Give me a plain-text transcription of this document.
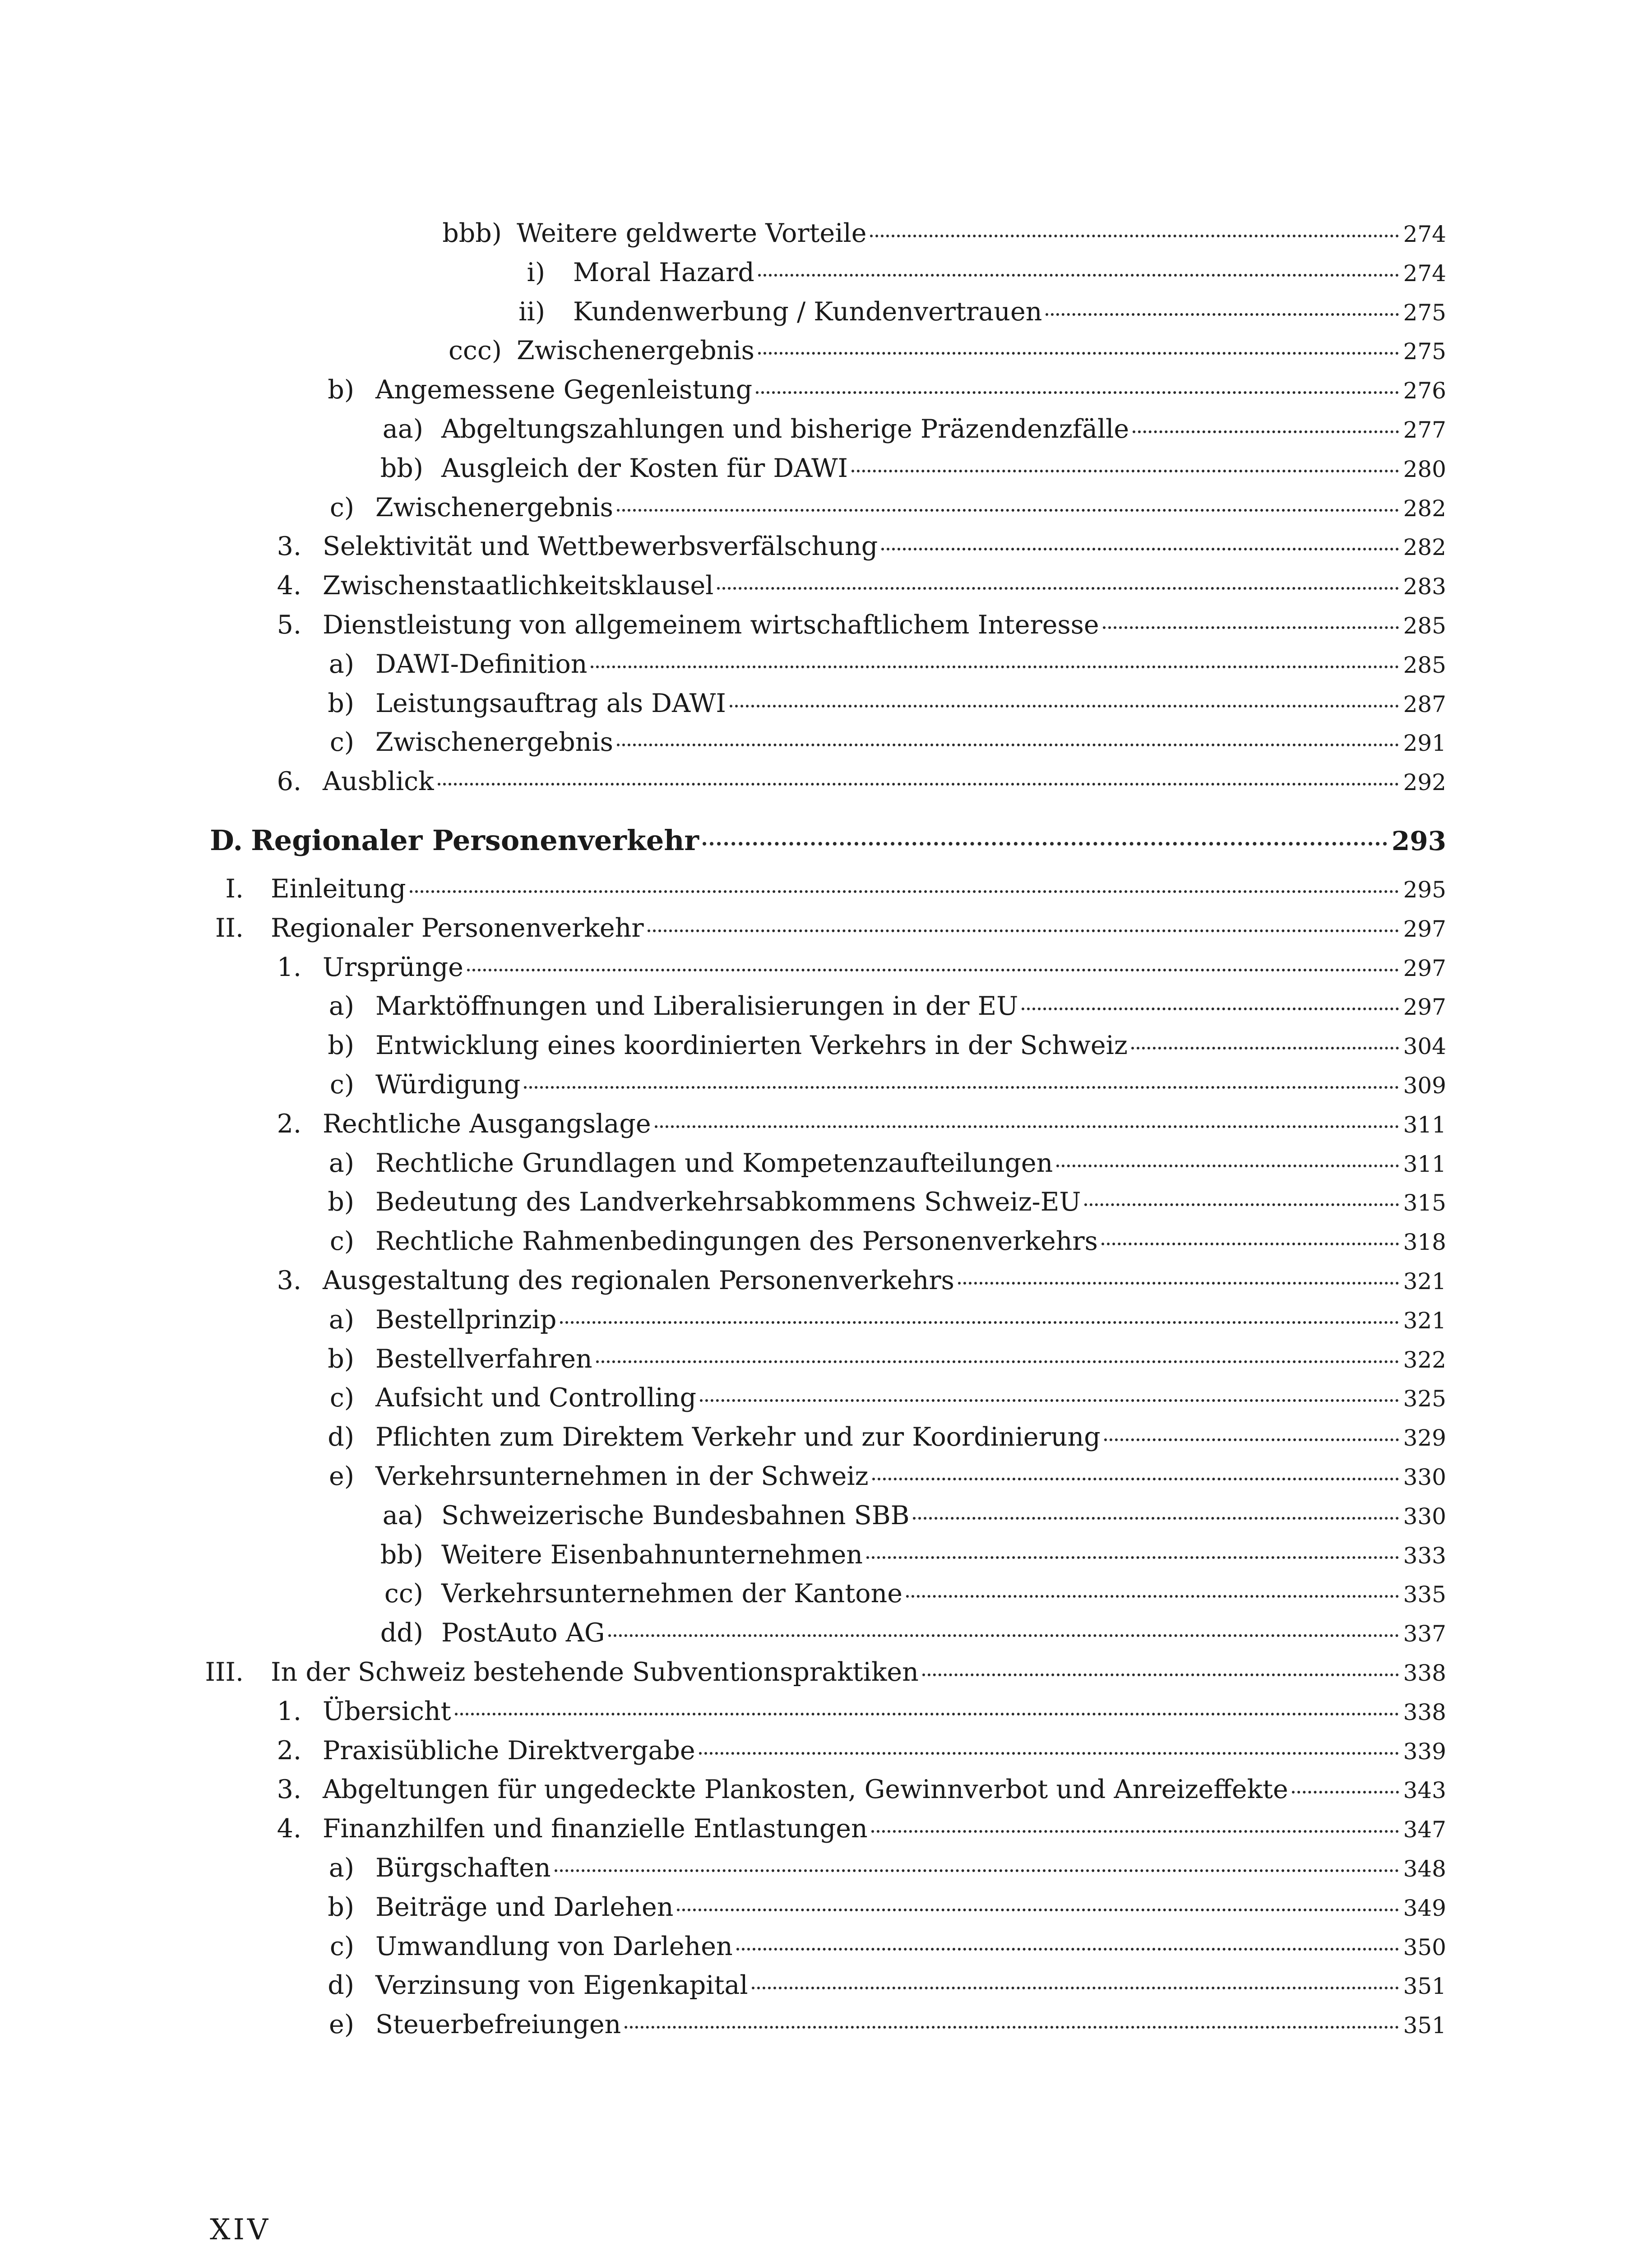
bbb) Weitere geldwerte Vorteile	274
i) Moral Hazard	274
ii) Kundenwerbung / Kundenvertrauen	275
ccc) Zwischenergebnis	275
b) Angemessene Gegenleistung	276
aa) Abgeltungszahlungen und bisherige Präzendenzfälle	277
bb) Ausgleich der Kosten für DAWI	280
c) Zwischenergebnis	282
3. Selektivität und Wettbewerbsverfälschung	282
4. Zwischenstaatlichkeitsklausel	283
5. Dienstleistung von allgemeinem wirtschaftlichem Interesse	285
a) DAWI-Definition	285
b) Leistungsauftrag als DAWI	287
c) Zwischenergebnis	291
6. Ausblick	292
D. Regionaler Personenverkehr	293
I. Einleitung	295
II. Regionaler Personenverkehr	297
1. Ursprünge	297
a) Marktöffnungen und Liberalisierungen in der EU	297
b) Entwicklung eines koordinierten Verkehrs in der Schweiz	304
c) Würdigung	309
2. Rechtliche Ausgangslage	311
a) Rechtliche Grundlagen und Kompetenzaufteilungen	311
b) Bedeutung des Landverkehrsabkommens Schweiz-EU	315
c) Rechtliche Rahmenbedingungen des Personenverkehrs	318
3. Ausgestaltung des regionalen Personenverkehrs	321
a) Bestellprinzip	321
b) Bestellverfahren	322
c) Aufsicht und Controlling	325
d) Pflichten zum Direktem Verkehr und zur Koordinierung	329
e) Verkehrsunternehmen in der Schweiz	330
aa) Schweizerische Bundesbahnen SBB	330
bb) Weitere Eisenbahnunternehmen	333
cc) Verkehrsunternehmen der Kantone	335
dd) PostAuto AG	337
III. In der Schweiz bestehende Subventionspraktiken	338
1. Übersicht	338
2. Praxisübliche Direktvergabe	339
3. Abgeltungen für ungedeckte Plankosten, Gewinnverbot und Anreizeffekte	343
4. Finanzhilfen und finanzielle Entlastungen	347
a) Bürgschaften	348
b) Beiträge und Darlehen	349
c) Umwandlung von Darlehen	350
d) Verzinsung von Eigenkapital	351
e) Steuerbefreiungen	351
XIV
